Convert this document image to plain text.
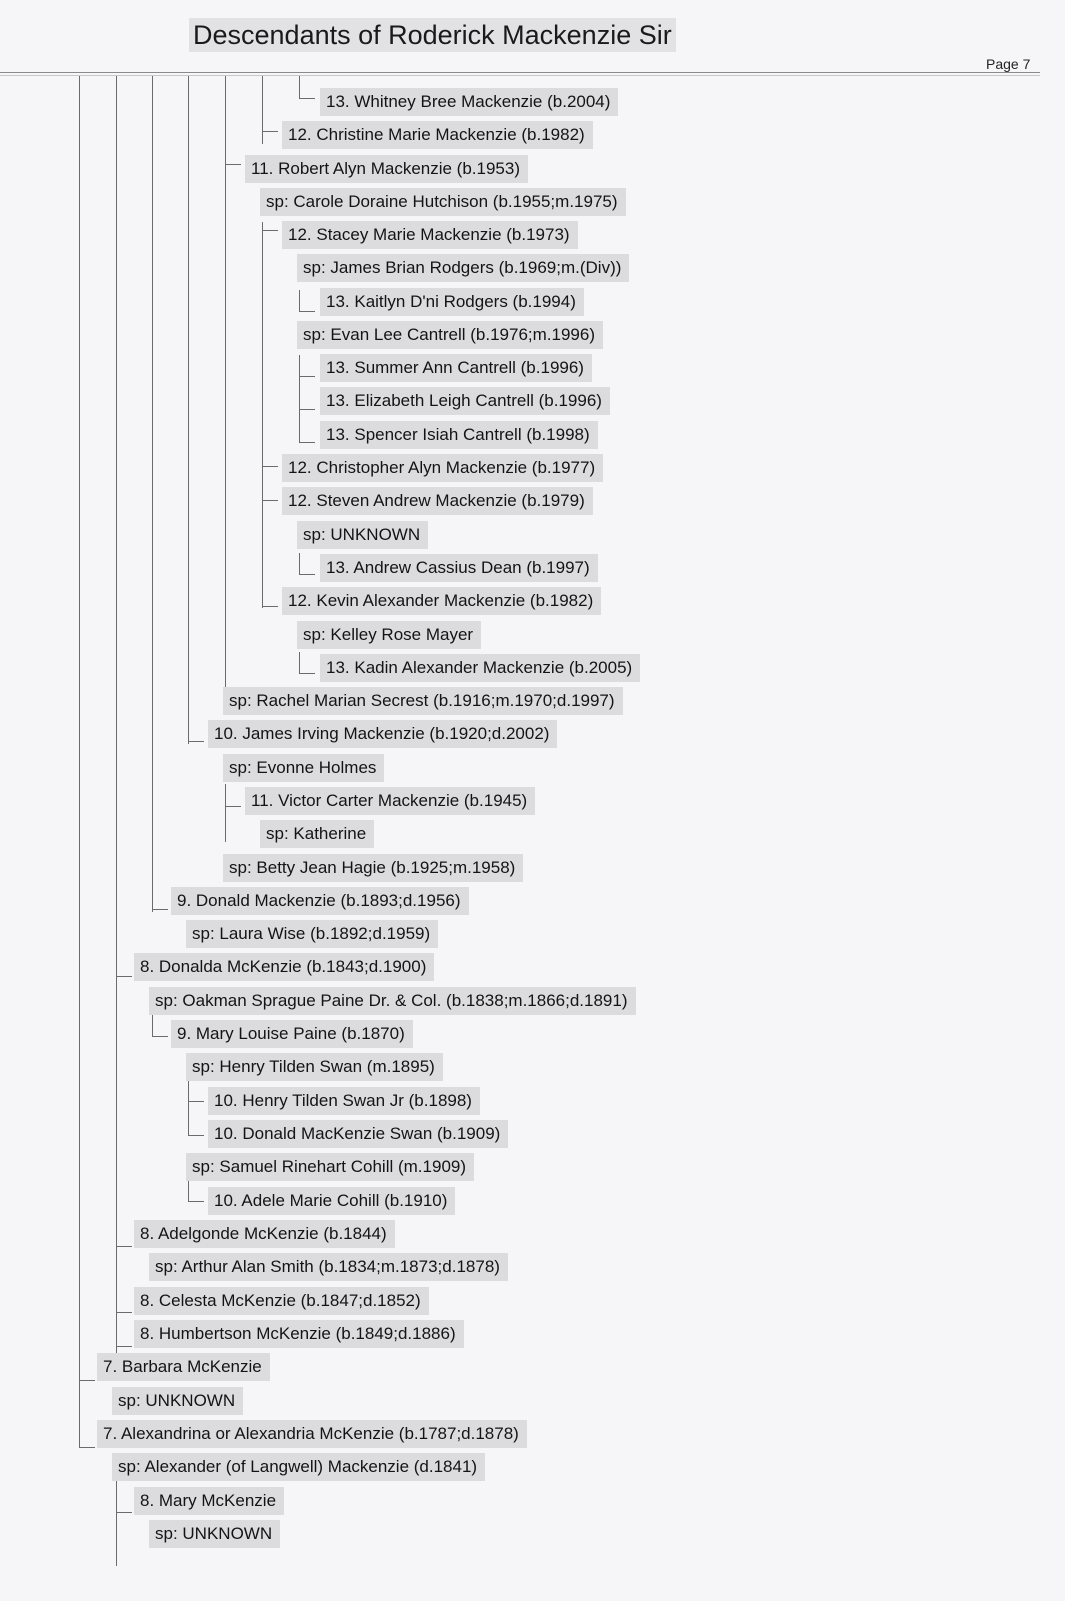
Descendants of Roderick Mackenzie Sir
Page 7
13. Whitney Bree Mackenzie (b.2004)
12. Christine Marie Mackenzie (b.1982)
11. Robert Alyn Mackenzie (b.1953)
sp: Carole Doraine Hutchison (b.1955;m.1975)
12. Stacey Marie Mackenzie (b.1973)
sp: James Brian Rodgers (b.1969;m.(Div))
13. Kaitlyn D'ni Rodgers (b.1994)
sp: Evan Lee Cantrell (b.1976;m.1996)
13. Summer Ann Cantrell (b.1996)
13. Elizabeth Leigh Cantrell (b.1996)
13. Spencer Isiah Cantrell (b.1998)
12. Christopher Alyn Mackenzie (b.1977)
12. Steven Andrew Mackenzie (b.1979)
sp: UNKNOWN
13. Andrew Cassius Dean (b.1997)
12. Kevin Alexander Mackenzie (b.1982)
sp: Kelley Rose Mayer
13. Kadin Alexander Mackenzie (b.2005)
sp: Rachel Marian Secrest (b.1916;m.1970;d.1997)
10. James Irving Mackenzie (b.1920;d.2002)
sp: Evonne Holmes
11. Victor Carter Mackenzie (b.1945)
sp: Katherine
sp: Betty Jean Hagie (b.1925;m.1958)
9. Donald Mackenzie (b.1893;d.1956)
sp: Laura Wise (b.1892;d.1959)
8. Donalda McKenzie (b.1843;d.1900)
sp: Oakman Sprague Paine Dr. & Col. (b.1838;m.1866;d.1891)
9. Mary Louise Paine (b.1870)
sp: Henry Tilden Swan (m.1895)
10. Henry Tilden Swan Jr (b.1898)
10. Donald MacKenzie Swan (b.1909)
sp: Samuel Rinehart Cohill (m.1909)
10. Adele Marie Cohill (b.1910)
8. Adelgonde McKenzie (b.1844)
sp: Arthur Alan Smith (b.1834;m.1873;d.1878)
8. Celesta McKenzie (b.1847;d.1852)
8. Humbertson McKenzie (b.1849;d.1886)
7. Barbara McKenzie
sp: UNKNOWN
7. Alexandrina or Alexandria McKenzie (b.1787;d.1878)
sp: Alexander (of Langwell) Mackenzie (d.1841)
8. Mary McKenzie
sp: UNKNOWN
